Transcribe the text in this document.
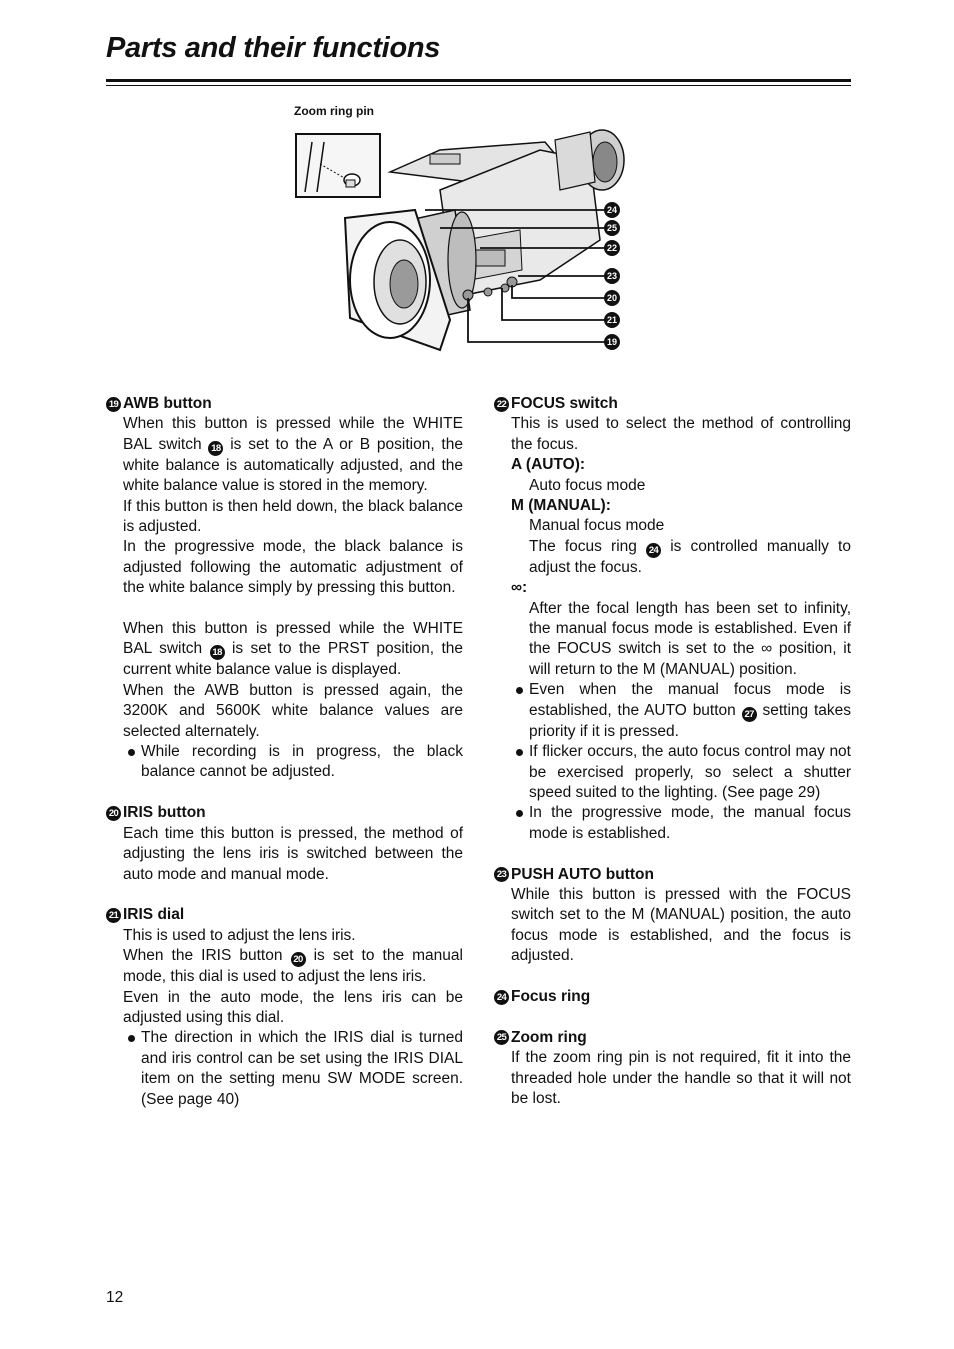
Parts and their functions
Zoom ring pin
24
25
22
23
20
21
19
19 AWB button
When this button is pressed while the WHITE BAL switch 18 is set to the A or B position, the white balance is automatically adjusted, and the white balance value is stored in the memory.
If this button is then held down, the black balance is adjusted.
In the progressive mode, the black balance is adjusted following the automatic adjustment of the white balance simply by pressing this button.
When this button is pressed while the WHITE BAL switch 18 is set to the PRST position, the current white balance value is displayed.
When the AWB button is pressed again, the 3200K and 5600K white balance values are selected alternately.
While recording is in progress, the black balance cannot be adjusted.
20 IRIS button
Each time this button is pressed, the method of adjusting the lens iris is switched between the auto mode and manual mode.
21 IRIS dial
This is used to adjust the lens iris.
When the IRIS button 20 is set to the manual mode, this dial is used to adjust the lens iris.
Even in the auto mode, the lens iris can be adjusted using this dial.
The direction in which the IRIS dial is turned and iris control can be set using the IRIS DIAL item on the setting menu SW MODE screen. (See page 40)
22 FOCUS switch
This is used to select the method of controlling the focus.
A (AUTO):
Auto focus mode
M (MANUAL):
Manual focus mode
The focus ring 24 is controlled manually to adjust the focus.
∞:
After the focal length has been set to infinity, the manual focus mode is established. Even if the FOCUS switch is set to the ∞ position, it will return to the M (MANUAL) position.
Even when the manual focus mode is established, the AUTO button 27 setting takes priority if it is pressed.
If flicker occurs, the auto focus control may not be exercised properly, so select a shutter speed suited to the lighting. (See page 29)
In the progressive mode, the manual focus mode is established.
23 PUSH AUTO button
While this button is pressed with the FOCUS switch set to the M (MANUAL) position, the auto focus mode is established, and the focus is adjusted.
24 Focus ring
25 Zoom ring
If the zoom ring pin is not required, fit it into the threaded hole under the handle so that it will not be lost.
12
